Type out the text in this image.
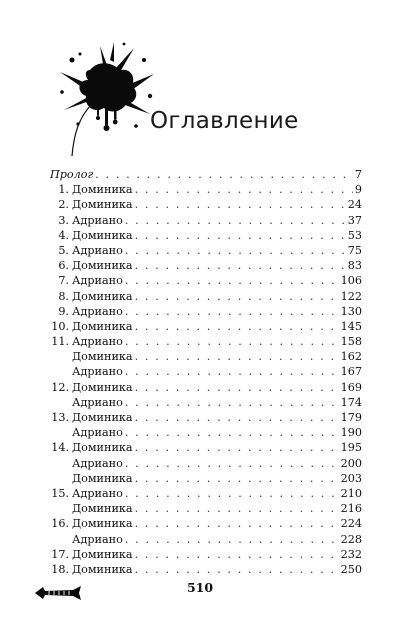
Оглавление
Пролог . . .	7
1. Доминика . . .	9
2. Доминика . . .	24
3. Адриано . . .	37
4. Доминика . . .	53
5. Адриано . . .	75
6. Доминика . . .	83
7. Адриано . . .	106
8. Доминика . . .	122
9. Адриано . . .	130
10. Доминика . . .	145
11. Адриано . . .	158
Доминика . . .	162
Адриано . . .	167
12. Доминика . . .	169
Адриано . . .	174
13. Доминика . . .	179
Адриано . . .	190
14. Доминика . . .	195
Адриано . . .	200
Доминика . . .	203
15. Адриано . . .	210
Доминика . . .	216
16. Доминика . . .	224
Адриано . . .	228
17. Доминика . . .	232
18. Доминика . . .	250
510
